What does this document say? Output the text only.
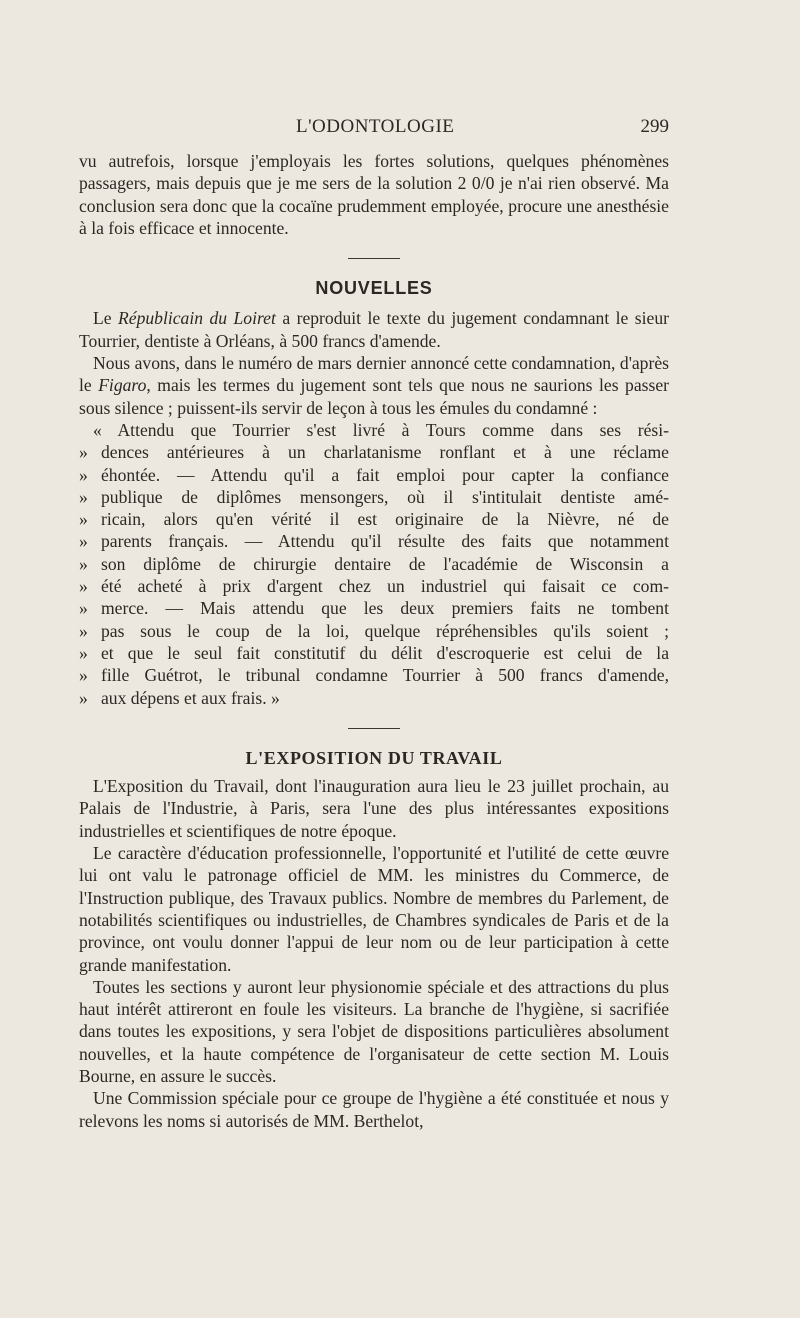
L'ODONTOLOGIE	299

vu autrefois, lorsque j'employais les fortes solutions, quelques phénomènes passagers, mais depuis que je me sers de la solution 2 0/0 je n'ai rien observé. Ma conclusion sera donc que la cocaïne prudemment employée, procure une anesthésie à la fois efficace et innocente.

NOUVELLES

Le Républicain du Loiret a reproduit le texte du jugement condamnant le sieur Tourrier, dentiste à Orléans, à 500 francs d'amende.

Nous avons, dans le numéro de mars dernier annoncé cette condamnation, d'après le Figaro, mais les termes du jugement sont tels que nous ne saurions les passer sous silence ; puissent-ils servir de leçon à tous les émules du condamné :

« Attendu que Tourrier s'est livré à Tours comme dans ses rési-
» dences antérieures à un charlatanisme ronflant et à une réclame
» éhontée. — Attendu qu'il a fait emploi pour capter la confiance
» publique de diplômes mensongers, où il s'intitulait dentiste amé-
» ricain, alors qu'en vérité il est originaire de la Nièvre, né de
» parents français. — Attendu qu'il résulte des faits que notamment
» son diplôme de chirurgie dentaire de l'académie de Wisconsin a
» été acheté à prix d'argent chez un industriel qui faisait ce com-
» merce. — Mais attendu que les deux premiers faits ne tombent
» pas sous le coup de la loi, quelque répréhensibles qu'ils soient ;
» et que le seul fait constitutif du délit d'escroquerie est celui de la
» fille Guétrot, le tribunal condamne Tourrier à 500 francs d'amende,
» aux dépens et aux frais. »
L'EXPOSITION DU TRAVAIL

L'Exposition du Travail, dont l'inauguration aura lieu le 23 juillet prochain, au Palais de l'Industrie, à Paris, sera l'une des plus intéressantes expositions industrielles et scientifiques de notre époque.

Le caractère d'éducation professionnelle, l'opportunité et l'utilité de cette œuvre lui ont valu le patronage officiel de MM. les ministres du Commerce, de l'Instruction publique, des Travaux publics. Nombre de membres du Parlement, de notabilités scientifiques ou industrielles, de Chambres syndicales de Paris et de la province, ont voulu donner l'appui de leur nom ou de leur participation à cette grande manifestation.

Toutes les sections y auront leur physionomie spéciale et des attractions du plus haut intérêt attireront en foule les visiteurs. La branche de l'hygiène, si sacrifiée dans toutes les expositions, y sera l'objet de dispositions particulières absolument nouvelles, et la haute compétence de l'organisateur de cette section M. Louis Bourne, en assure le succès.

Une Commission spéciale pour ce groupe de l'hygiène a été constituée et nous y relevons les noms si autorisés de MM. Berthelot,
